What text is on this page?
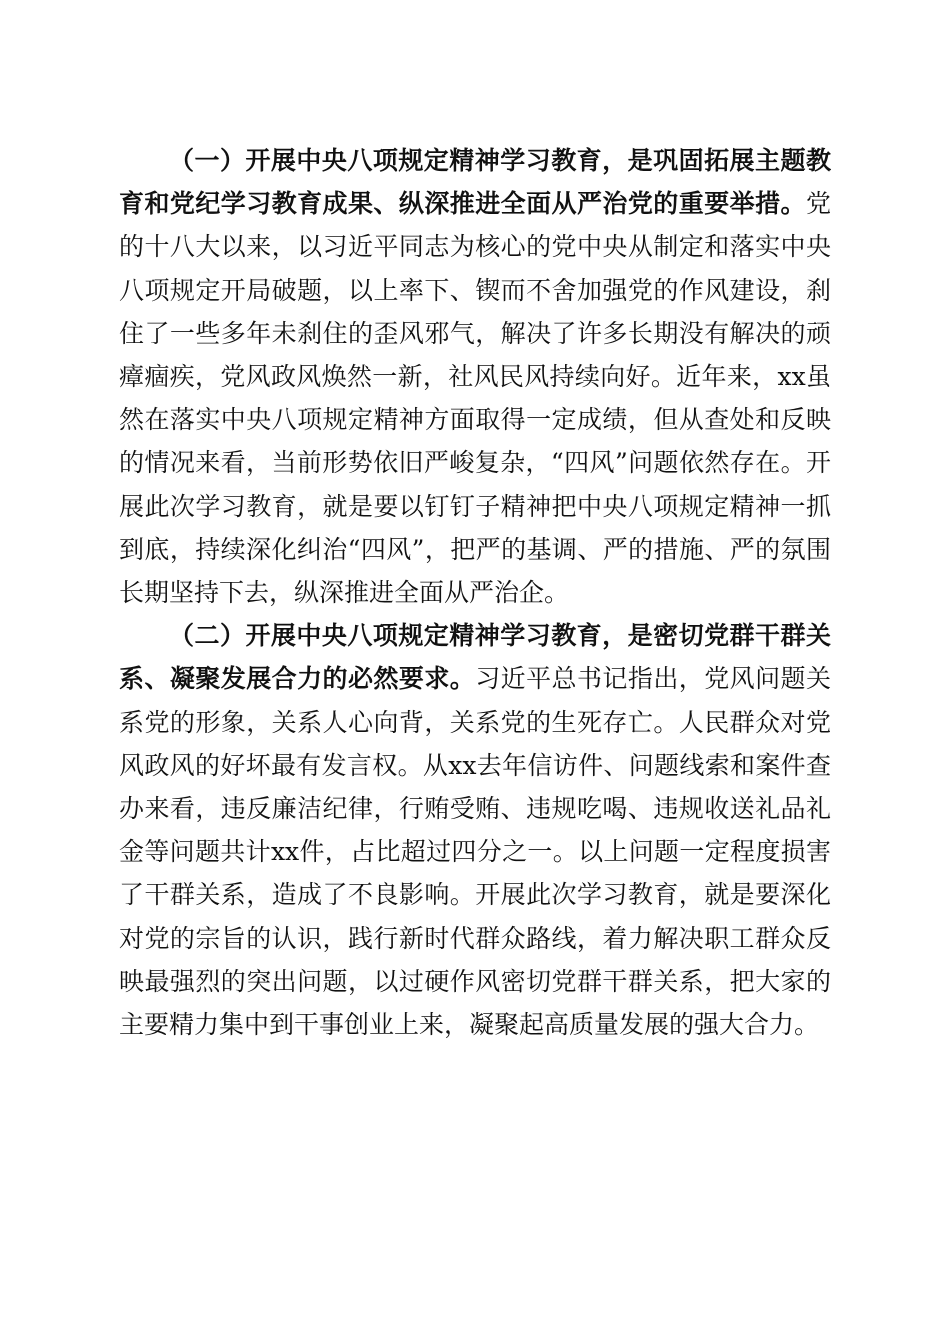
（一）开展中央八项规定精神学习教育，是巩固拓展主题教育和党纪学习教育成果、纵深推进全面从严治党的重要举措。党的十八大以来，以习近平同志为核心的党中央从制定和落实中央八项规定开局破题，以上率下、锲而不舍加强党的作风建设，刹住了一些多年未刹住的歪风邪气，解决了许多长期没有解决的顽瘴痼疾，党风政风焕然一新，社风民风持续向好。近年来，xx虽然在落实中央八项规定精神方面取得一定成绩，但从查处和反映的情况来看，当前形势依旧严峻复杂，“四风”问题依然存在。开展此次学习教育，就是要以钉钉子精神把中央八项规定精神一抓到底，持续深化纠治“四风”，把严的基调、严的措施、严的氛围长期坚持下去，纵深推进全面从严治企。

（二）开展中央八项规定精神学习教育，是密切党群干群关系、凝聚发展合力的必然要求。习近平总书记指出，党风问题关系党的形象，关系人心向背，关系党的生死存亡。人民群众对党风政风的好坏最有发言权。从xx去年信访件、问题线索和案件查办来看，违反廉洁纪律，行贿受贿、违规吃喝、违规收送礼品礼金等问题共计xx件，占比超过四分之一。以上问题一定程度损害了干群关系，造成了不良影响。开展此次学习教育，就是要深化对党的宗旨的认识，践行新时代群众路线，着力解决职工群众反映最强烈的突出问题，以过硬作风密切党群干群关系，把大家的主要精力集中到干事创业上来，凝聚起高质量发展的强大合力。
